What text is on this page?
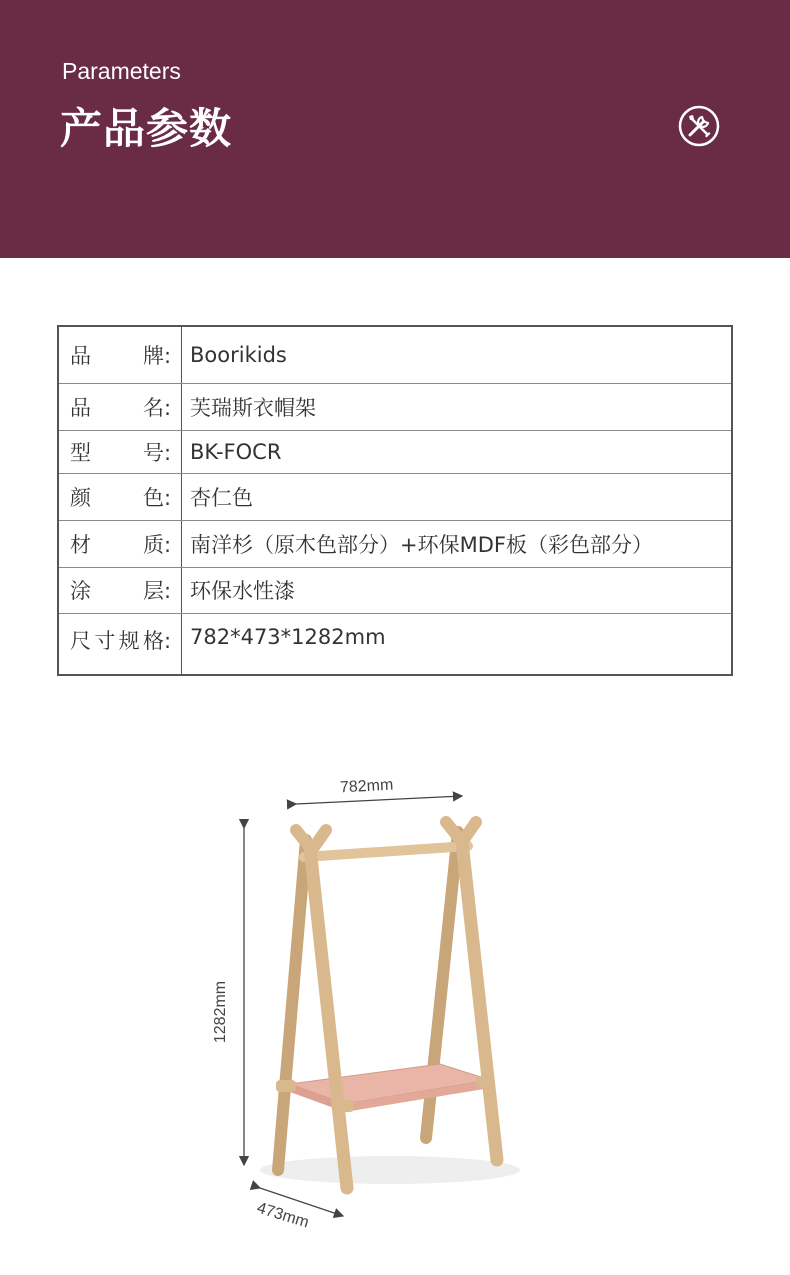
Parameters
产品参数
品牌:	Boorikids
品名:	芙瑞斯衣帽架
型号:	BK-FOCR
颜色:	杏仁色
材质:	南洋杉（原木色部分）+环保MDF板（彩色部分）
涂层:	环保水性漆
尺寸规格:	782*473*1282mm
782mm
1282mm
473mm
